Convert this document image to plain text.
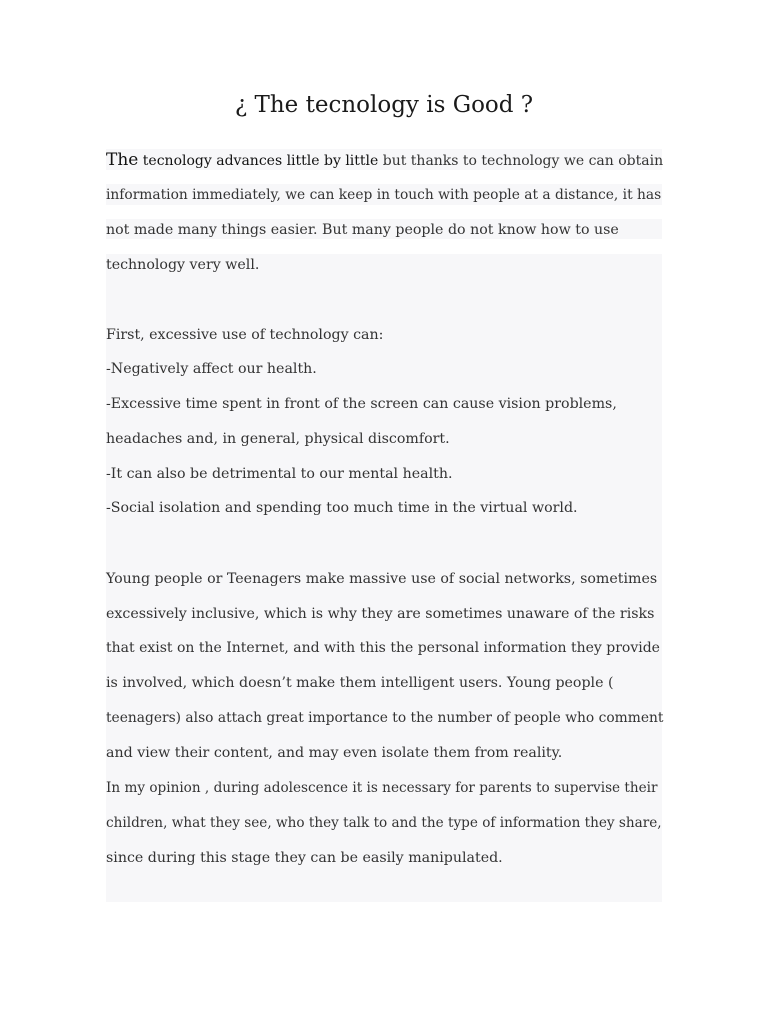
¿ The tecnology is Good ?
The tecnology advances little by little but thanks to technology we can obtain
information immediately, we can keep in touch with people at a distance, it has
not made many things easier. But many people do not know how to use
technology very well.
First, excessive use of technology can:
-Negatively affect our health.
-Excessive time spent in front of the screen can cause vision problems,
headaches and, in general, physical discomfort.
-It can also be detrimental to our mental health.
-Social isolation and spending too much time in the virtual world.
Young people or Teenagers make massive use of social networks, sometimes
excessively inclusive, which is why they are sometimes unaware of the risks
that exist on the Internet, and with this the personal information they provide
is involved, which doesn’t make them intelligent users. Young people (
teenagers) also attach great importance to the number of people who comment
and view their content, and may even isolate them from reality.
In my opinion , during adolescence it is necessary for parents to supervise their
children, what they see, who they talk to and the type of information they share,
since during this stage they can be easily manipulated.
